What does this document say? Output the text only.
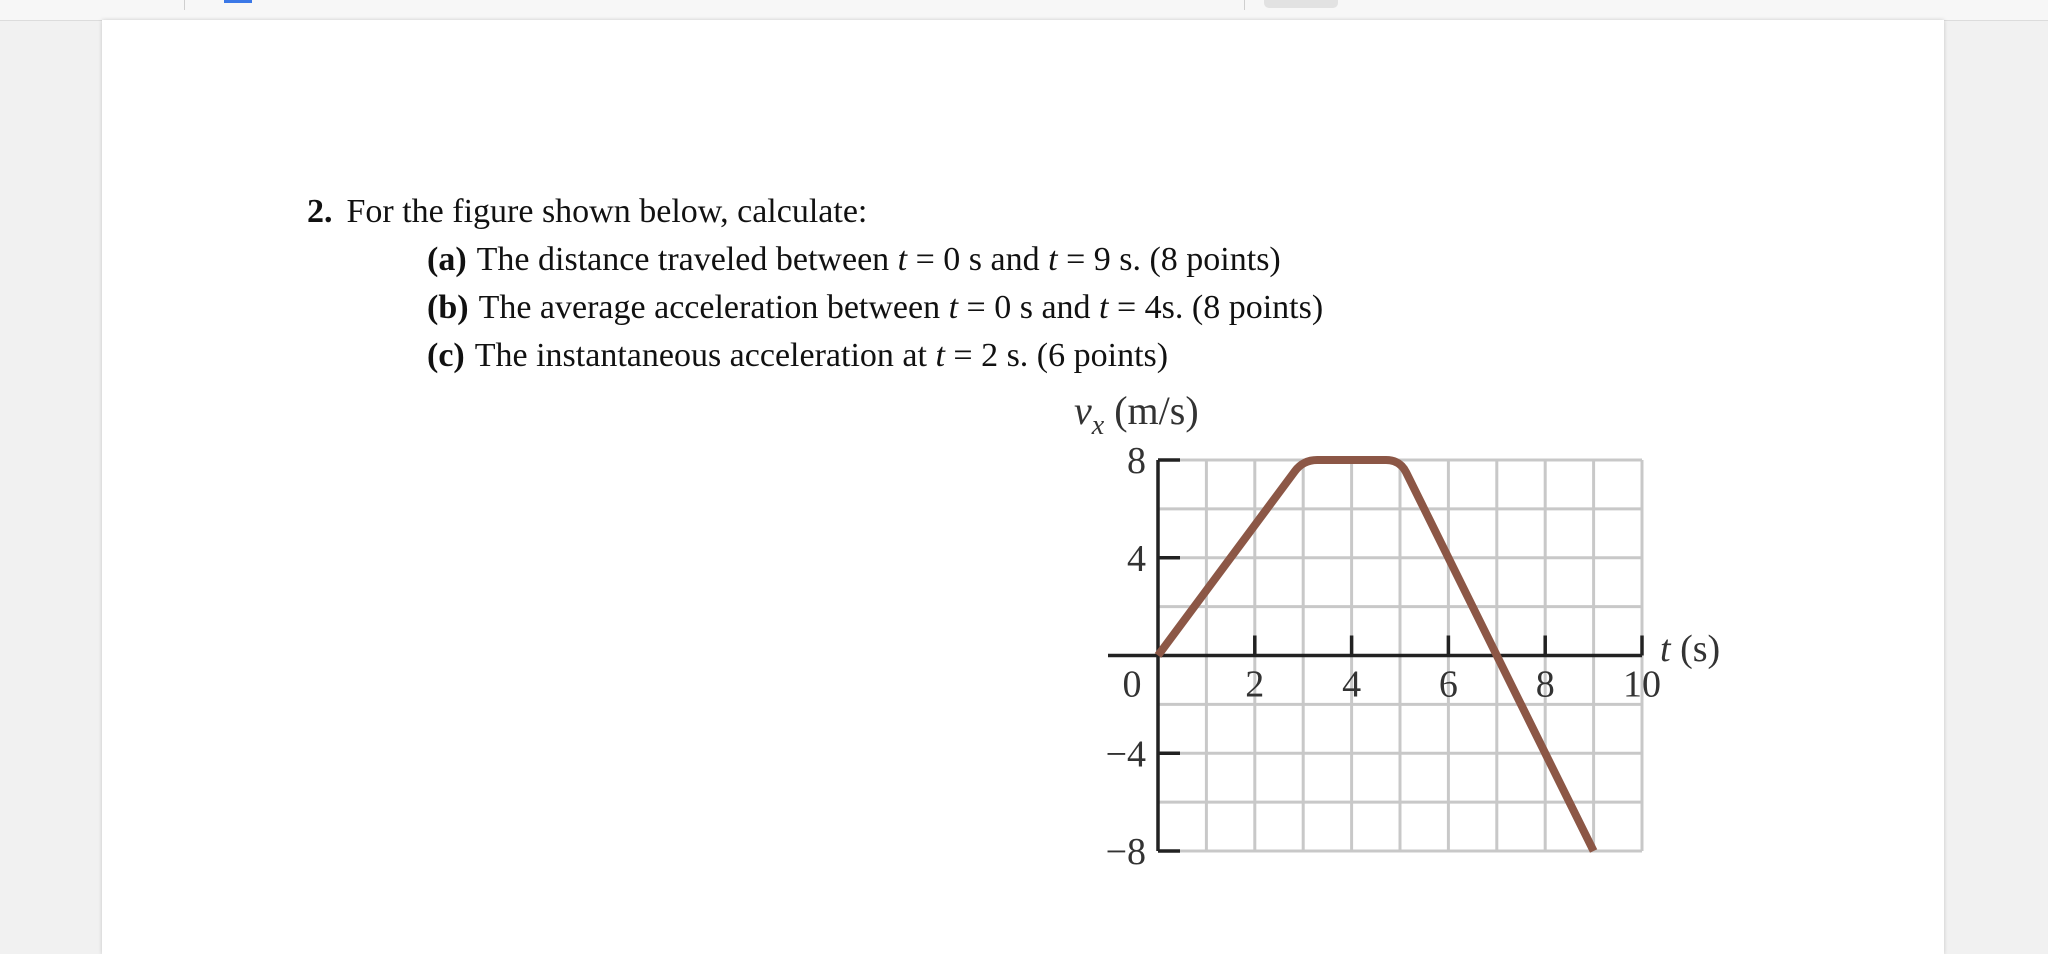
2. For the figure shown below, calculate:
(a) The distance traveled between t = 0 s and t = 9 s. (8 points)
(b) The average acceleration between t = 0 s and t = 4s. (8 points)
(c) The instantaneous acceleration at t = 2 s. (6 points)
8
4
−4
−8
0	2 4 6 8 10
$v_x$ (m/s)
t (s)
